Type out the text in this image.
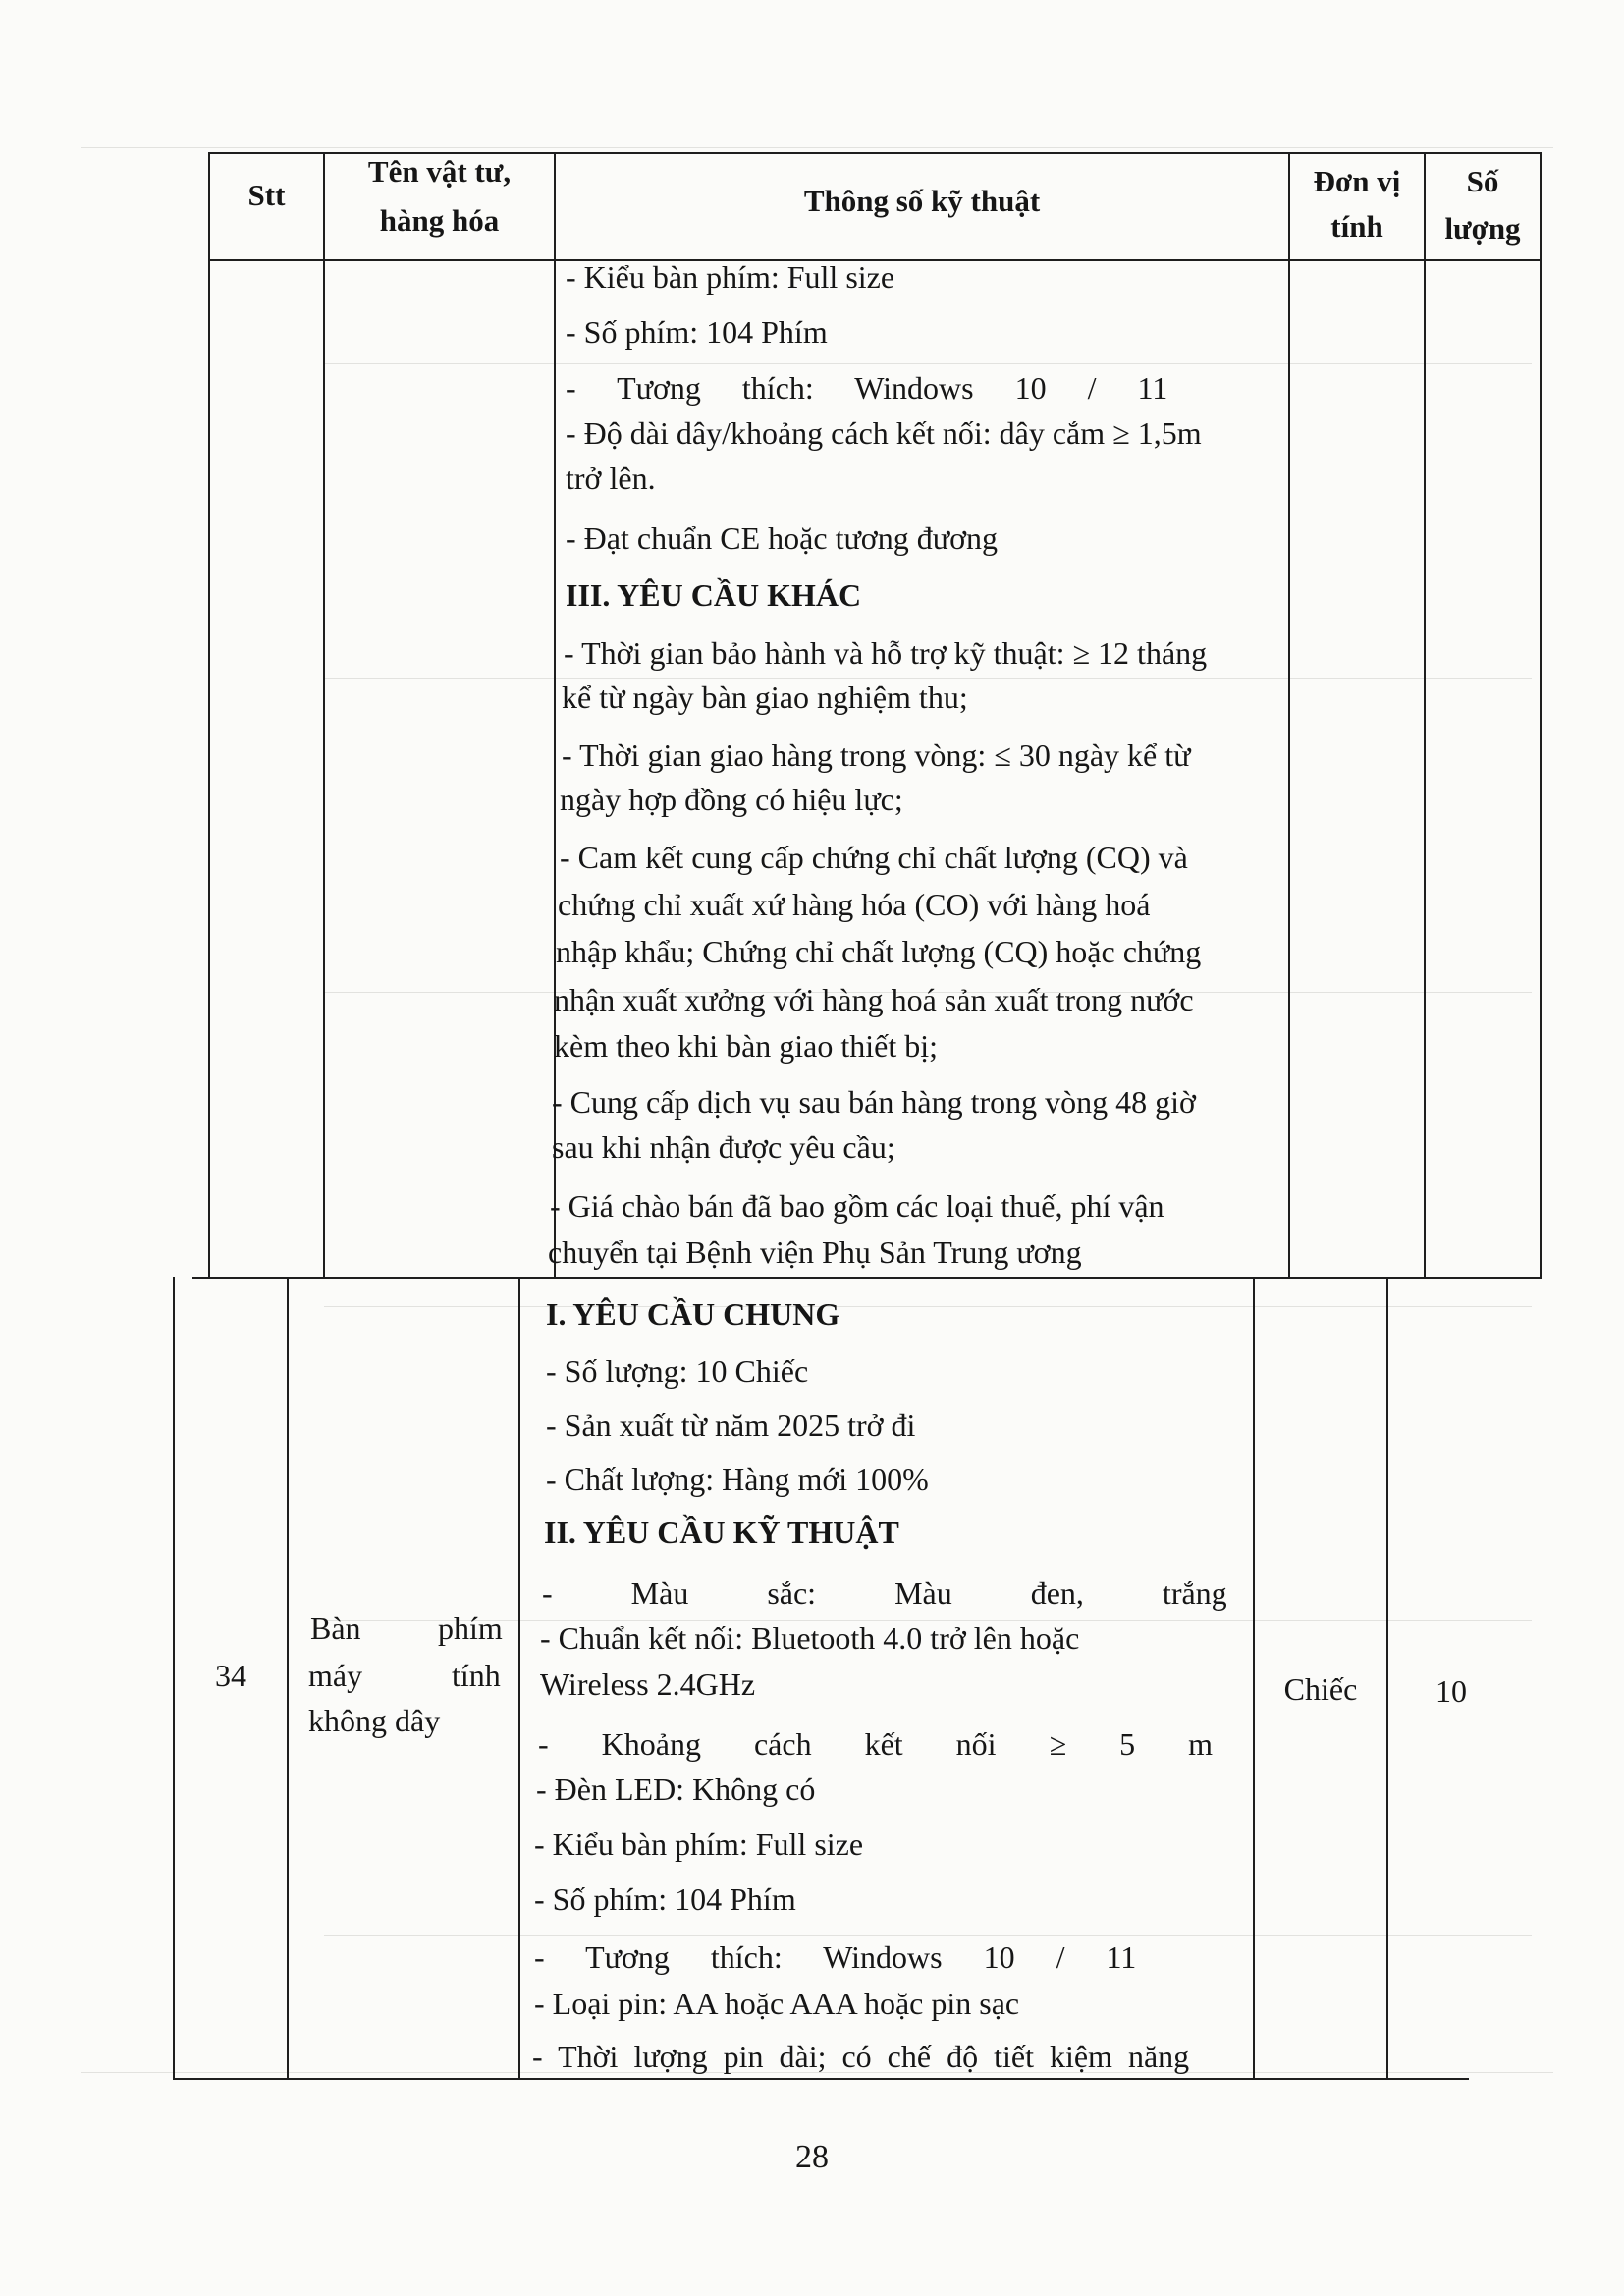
Stt
Tên vật tư,
hàng hóa
Thông số kỹ thuật
Đơn vị
tính
Số
lượng
- Kiểu bàn phím: Full size
- Số phím: 104 Phím
- Tương thích: Windows 10 / 11
- Độ dài dây/khoảng cách kết nối: dây cắm ≥ 1,5m
trở lên.
- Đạt chuẩn CE hoặc tương đương
III. YÊU CẦU KHÁC
- Thời gian bảo hành và hỗ trợ kỹ thuật: ≥ 12 tháng
kể từ ngày bàn giao nghiệm thu;
- Thời gian giao hàng trong vòng: ≤ 30 ngày kể từ
ngày hợp đồng có hiệu lực;
- Cam kết cung cấp chứng chỉ chất lượng (CQ) và
chứng chỉ xuất xứ hàng hóa (CO) với hàng hoá
nhập khẩu; Chứng chỉ chất lượng (CQ) hoặc chứng
nhận xuất xưởng với hàng hoá sản xuất trong nước
kèm theo khi bàn giao thiết bị;
- Cung cấp dịch vụ sau bán hàng trong vòng 48 giờ
sau khi nhận được yêu cầu;
- Giá chào bán đã bao gồm các loại thuế, phí vận
chuyển tại Bệnh viện Phụ Sản Trung ương
34
Bàn phím
máy	tính
không dây
Chiếc	10
I. YÊU CẦU CHUNG
- Số lượng: 10 Chiếc
- Sản xuất từ năm 2025 trở đi
- Chất lượng: Hàng mới 100%
II. YÊU CẦU KỸ THUẬT
- Màu sắc: Màu đen, trắng
- Chuẩn kết nối: Bluetooth 4.0 trở lên hoặc
Wireless 2.4GHz
- Khoảng cách kết nối ≥ 5 m
- Đèn LED: Không có
- Kiểu bàn phím: Full size
- Số phím: 104 Phím
- Tương thích: Windows 10 / 11
- Loại pin: AA hoặc AAA hoặc pin sạc
- Thời lượng pin dài; có chế độ tiết kiệm năng
28
